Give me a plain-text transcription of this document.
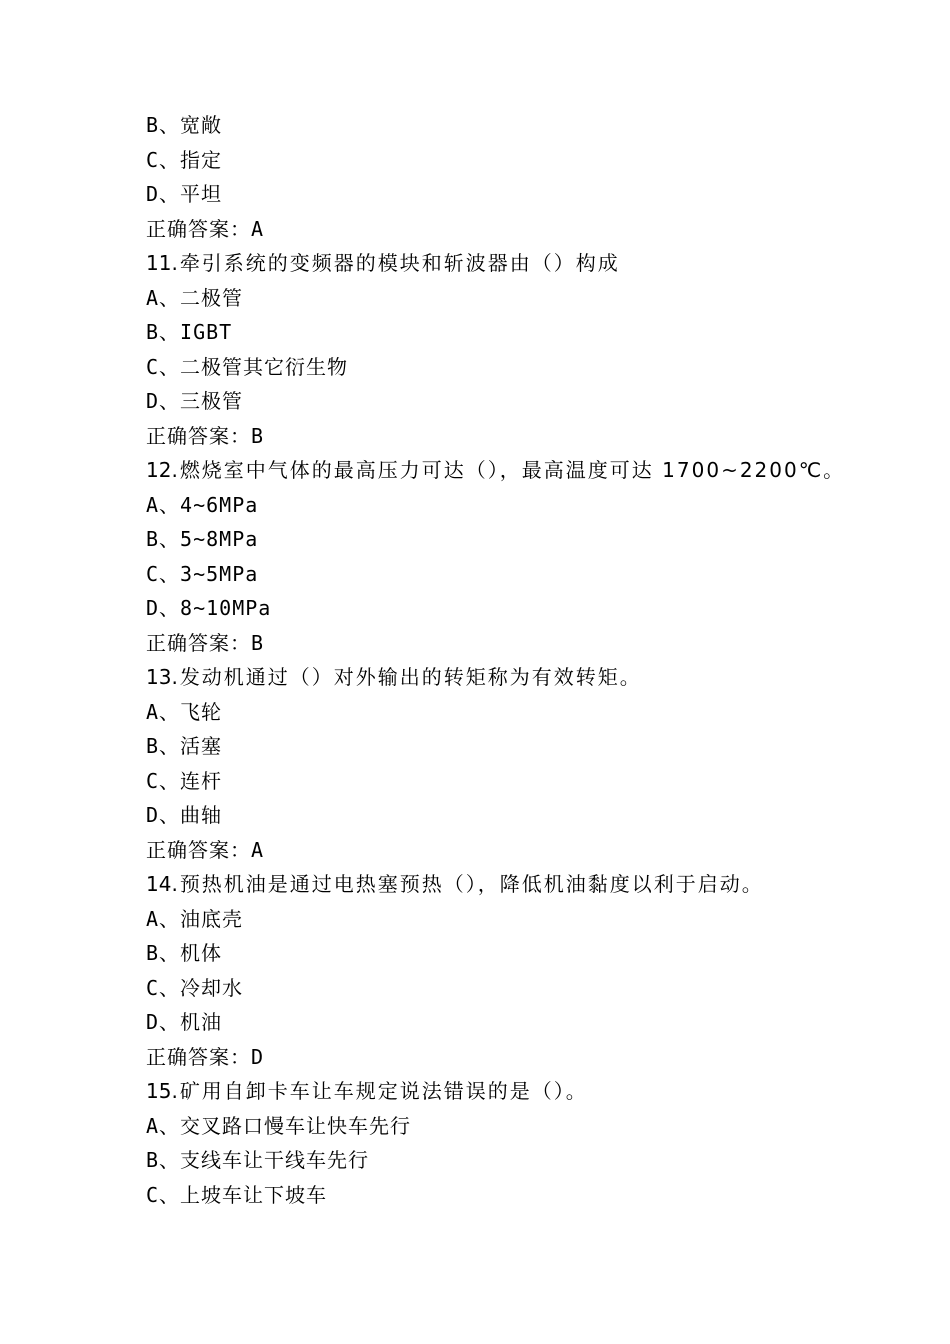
B、宽敞
C、指定
D、平坦
正确答案：A
11. 牵引系统的变频器的模块和斩波器由（）构成
A、二极管
B、IGBT
C、二极管其它衍生物
D、三极管
正确答案：B
12. 燃烧室中气体的最高压力可达（），最高温度可达 1700~2200℃。
A、4~6MPa
B、5~8MPa
C、3~5MPa
D、8~10MPa
正确答案：B
13. 发动机通过（）对外输出的转矩称为有效转矩。
A、飞轮
B、活塞
C、连杆
D、曲轴
正确答案：A
14. 预热机油是通过电热塞预热（），降低机油黏度以利于启动。
A、油底壳
B、机体
C、冷却水
D、机油
正确答案：D
15. 矿用自卸卡车让车规定说法错误的是（）。
A、交叉路口慢车让快车先行
B、支线车让干线车先行
C、上坡车让下坡车
